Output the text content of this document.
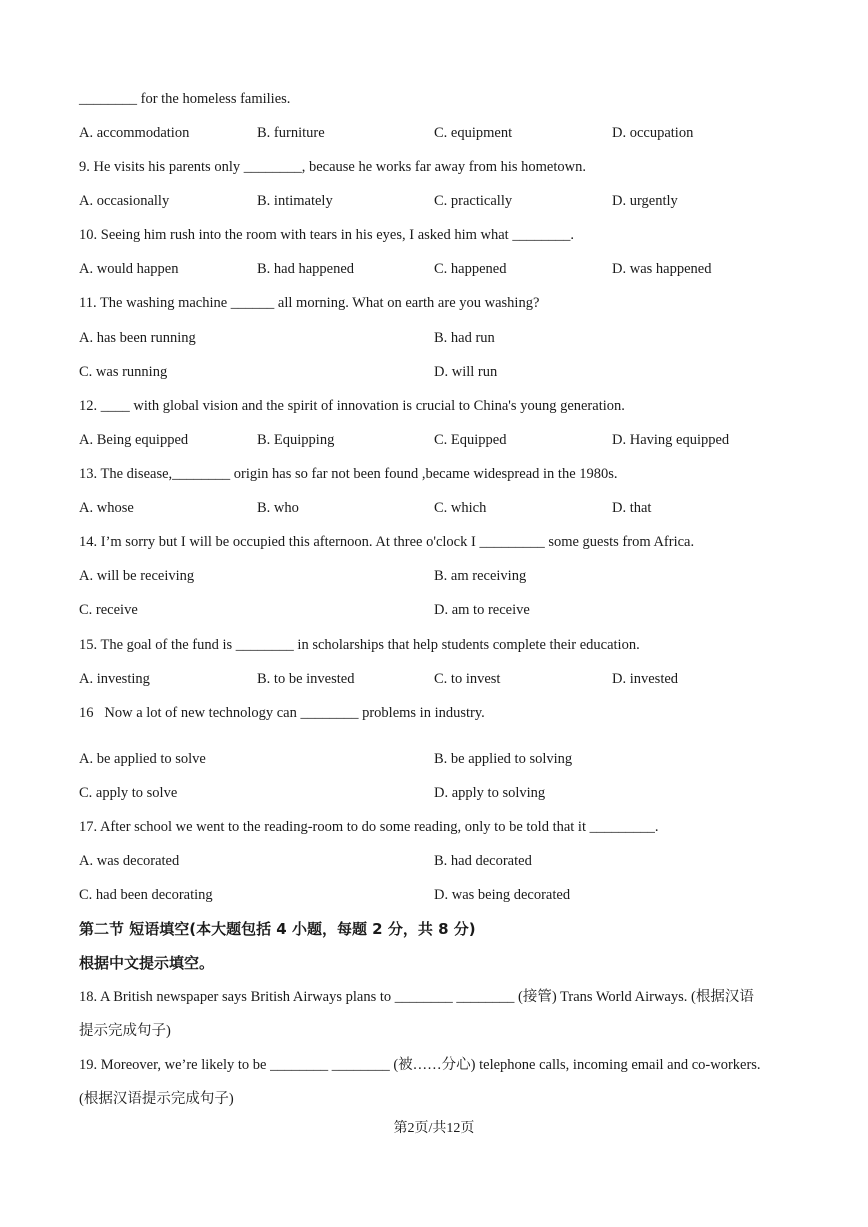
________ for the homeless families.
A. accommodation	B. furniture	C. equipment	D. occupation
9. He visits his parents only ________, because he works far away from his hometown.
A. occasionally	B. intimately	C. practically	D. urgently
10. Seeing him rush into the room with tears in his eyes, I asked him what ________.
A. would happen	B. had happened	C. happened	D. was happened
11. The washing machine ______ all morning. What on earth are you washing?
A. has been running	B. had run
C. was running	D. will run
12. ____ with global vision and the spirit of innovation is crucial to China's young generation.
A. Being equipped	B. Equipping	C. Equipped	D. Having equipped
13. The disease,________ origin has so far not been found ,became widespread in the 1980s.
A. whose	B. who	C. which	D. that
14. I’m sorry but I will be occupied this afternoon. At three o'clock I _________ some guests from Africa.
A. will be receiving	B. am receiving
C. receive	D. am to receive
15. The goal of the fund is ________ in scholarships that help students complete their education.
A. investing	B. to be invested	C. to invest	D. invested
16   Now a lot of new technology can ________ problems in industry.
A. be applied to solve	B. be applied to solving
C. apply to solve	D. apply to solving
17. After school we went to the reading-room to do some reading, only to be told that it _________.
A. was decorated	B. had decorated
C. had been decorating	D. was being decorated
第二节 短语填空(本大题包括 4 小题，每题 2 分，共 8 分)
根据中文提示填空。
18. A British newspaper says British Airways plans to ________ ________ (接管) Trans World Airways. (根据汉语
提示完成句子)
19. Moreover, we’re likely to be ________ ________ (被……分心) telephone calls, incoming email and co-workers.
(根据汉语提示完成句子)
第2页/共12页
